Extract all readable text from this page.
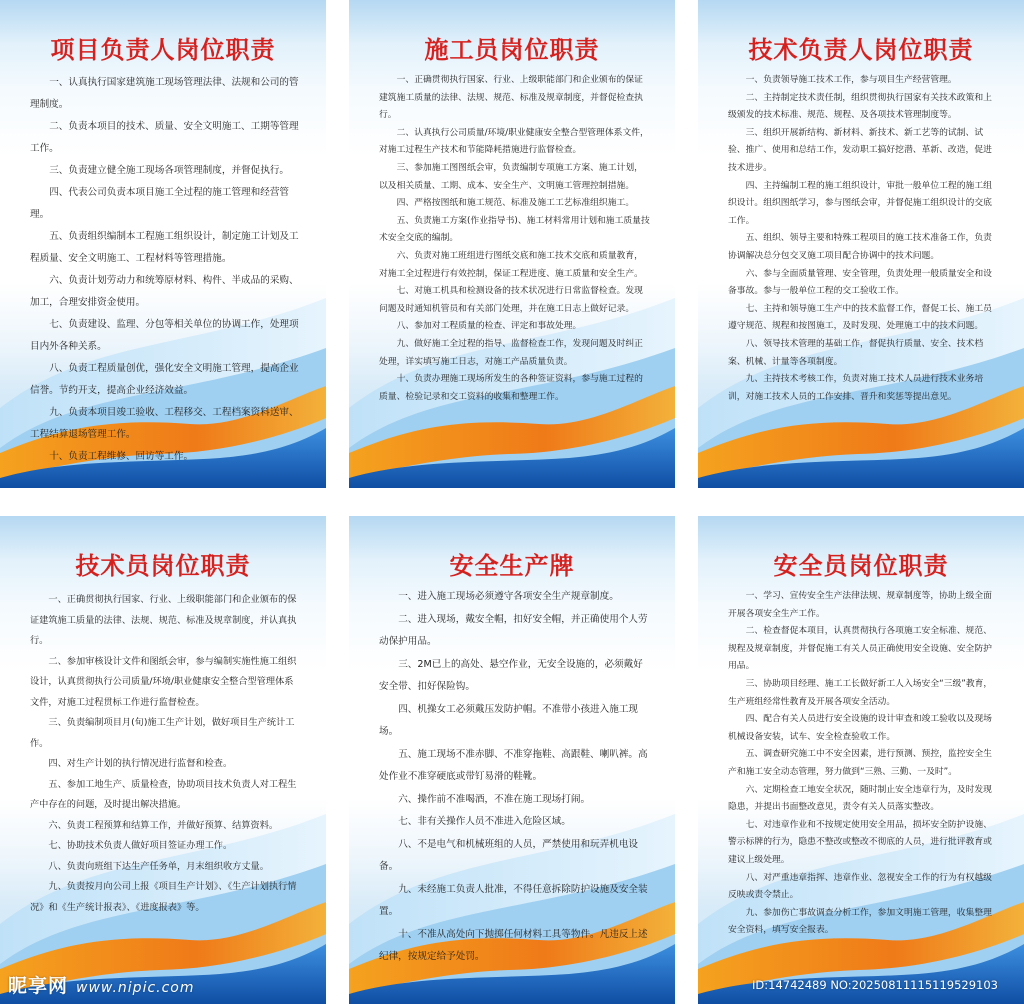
项目负责人岗位职责
一、认真执行国家建筑施工现场管理法律、法规和公司的管理制度。
二、负责本项目的技术、质量、安全文明施工、工期等管理工作。
三、负责建立健全施工现场各项管理制度，并督促执行。
四、代表公司负责本项目施工全过程的施工管理和经营管理。
五、负责组织编制本工程施工组织设计，制定施工计划及工程质量、安全文明施工、工程材料等管理措施。
六、负责计划劳动力和统筹原材料、构件、半成品的采购、加工，合理安排资金使用。
七、负责建设、监理、分包等相关单位的协调工作，处理项目内外各种关系。
八、负责工程质量创优，强化安全文明施工管理，提高企业信誉。节约开支，提高企业经济效益。
九、负责本项目竣工验收、工程移交、工程档案资料送审、工程结算退场管理工作。
十、负责工程维修、回访等工作。
施工员岗位职责
一、正确贯彻执行国家、行业、上级职能部门和企业颁布的保证建筑施工质量的法律、法规、规范、标准及规章制度，并督促检查执行。
二、认真执行公司质量/环境/职业健康安全整合型管理体系文件，对施工过程生产技术和节能降耗措施进行监督检查。
三、参加施工图图纸会审，负责编制专项施工方案、施工计划，以及相关质量、工期、成本、安全生产、文明施工管理控制措施。
四、严格按图纸和施工规范、标准及施工工艺标准组织施工。
五、负责施工方案(作业指导书)、施工材料常用计划和施工质量技术安全交底的编制。
六、负责对施工班组进行图纸交底和施工技术交底和质量教育，对施工全过程进行有效控制，保证工程进度、施工质量和安全生产。
七、对施工机具和检测设备的技术状况进行日常监督检查。发现问题及时通知机管员和有关部门处理，并在施工日志上做好记录。
八、参加对工程质量的检查、评定和事故处理。
九、做好施工全过程的指导、监督检查工作，发现问题及时纠正处理，详实填写施工日志，对施工产品质量负责。
十、负责办理施工现场所发生的各种签证资料，参与施工过程的质量、检验记录和交工资料的收集和整理工作。
技术负责人岗位职责
一、负责领导施工技术工作，参与项目生产经营管理。
二、主持制定技术责任制，组织贯彻执行国家有关技术政策和上级颁发的技术标准、规范、规程、及各项技术管理制度等。
三、组织开展新结构、新材料、新技术、新工艺等的试制、试验、推广、使用和总结工作，发动职工搞好挖潜、革新、改造，促进技术进步。
四、主持编制工程的施工组织设计，审批一般单位工程的施工组织设计。组织图纸学习，参与图纸会审，并督促施工组织设计的交底工作。
五、组织、领导主要和特殊工程项目的施工技术准备工作，负责协调解决总分包交叉施工项目配合协调中的技术问题。
六、参与全面质量管理、安全管理，负责处理一般质量安全和设备事故。参与一般单位工程的交工验收工作。
七、主持和领导施工生产中的技术监督工作，督促工长、施工员遵守规范、规程和按图施工，及时发现、处理施工中的技术问题。
八、领导技术管理的基础工作，督促执行质量、安全、技术档案、机械、计量等各项制度。
九、主持技术考核工作，负责对施工技术人员进行技术业务培训，对施工技术人员的工作安排、晋升和奖惩等提出意见。
技术员岗位职责
一、正确贯彻执行国家、行业、上级职能部门和企业颁布的保证建筑施工质量的法律、法规、规范、标准及规章制度，并认真执行。
二、参加审核设计文件和图纸会审，参与编制实施性施工组织设计，认真贯彻执行公司质量/环境/职业健康安全整合型管理体系文件，对施工过程贯标工作进行监督检查。
三、负责编制项目月(旬)施工生产计划，做好项目生产统计工作。
四、对生产计划的执行情况进行监督和检查。
五、参加工地生产、质量检查，协助项目技术负责人对工程生产中存在的问题，及时提出解决措施。
六、负责工程预算和结算工作，并做好预算、结算资料。
七、协助技术负责人做好项目签证办理工作。
八、负责向班组下达生产任务单，月末组织收方丈量。
九、负责按月向公司上报《项目生产计划》、《生产计划执行情况》和《生产统计报表》、《进度报表》等。
安全生产牌
一、进入施工现场必须遵守各项安全生产规章制度。
二、进入现场，戴安全帽，扣好安全帽，并正确使用个人劳动保护用品。
三、2M已上的高处、悬空作业，无安全设施的，必须戴好安全带、扣好保险钩。
四、机操女工必须戴压发防护帽。不准带小孩进入施工现场。
五、施工现场不准赤脚、不准穿拖鞋、高跟鞋、喇叭裤。高处作业不准穿硬底或带钉易滑的鞋靴。
六、操作前不准喝酒，不准在施工现场打闹。
七、非有关操作人员不准进入危险区域。
八、不是电气和机械班组的人员，严禁使用和玩弄机电设备。
九、未经施工负责人批准，不得任意拆除防护设施及安全装置。
十、不准从高处向下抛掷任何材料工具等物件。凡违反上述纪律，按规定给予处罚。
安全员岗位职责
一、学习、宣传安全生产法律法规、规章制度等，协助上级全面开展各项安全生产工作。
二、检查督促本项目，认真贯彻执行各项施工安全标准、规范、规程及规章制度，并督促施工有关人员正确使用安全设施、安全防护用品。
三、协助项目经理、施工工长做好新工人入场安全“三级”教育，生产班组经常性教育及开展各项安全活动。
四、配合有关人员进行安全设施的设计审查和竣工验收以及现场机械设备安装，试车、安全检查验收工作。
五、调查研究施工中不安全因素，进行预测、预控，监控安全生产和施工安全动态管理，努力做到“三熟、三勤、一及时”。
六、定期检查工地安全状况，随时制止安全违章行为，及时发现隐患，并提出书面整改意见，责令有关人员落实整改。
七、对违章作业和不按规定使用安全用品，损坏安全防护设施、警示标牌的行为，隐患不整改或整改不彻底的人员，进行批评教育或建议上级处理。
八、对严重违章指挥、违章作业、忽视安全工作的行为有权越级反映或责令禁止。
九、参加伤亡事故调查分析工作，参加文明施工管理，收集整理安全资料，填写安全报表。
昵享网 www.nipic.com	ID:14742489 NO:20250811115119529103
